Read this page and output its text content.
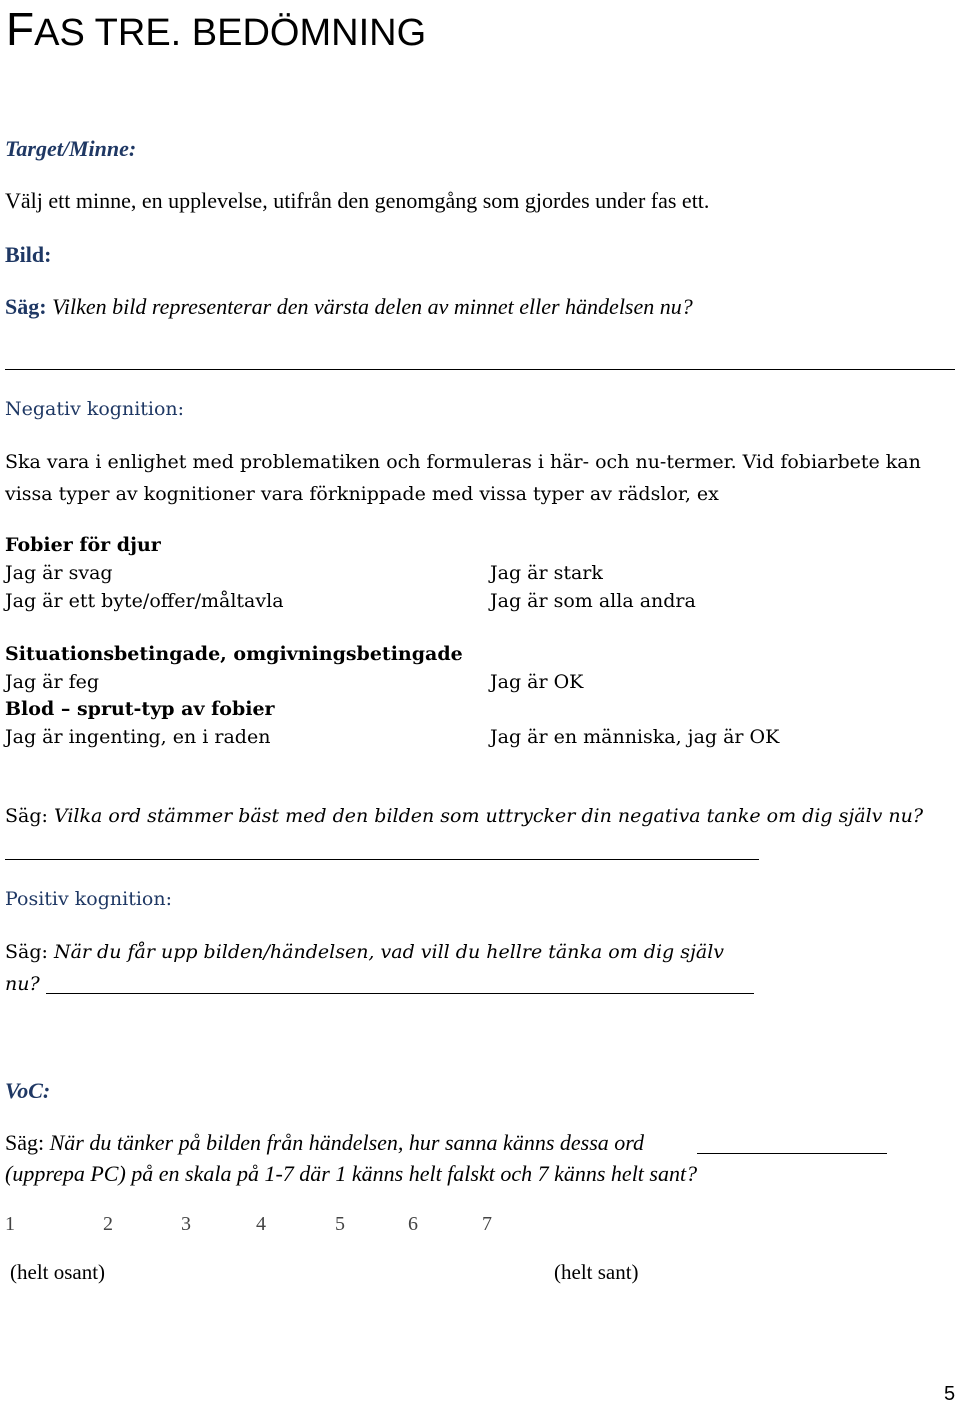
FAS TRE. BEDÖMNING
Target/Minne:
Välj ett minne, en upplevelse, utifrån den genomgång som gjordes under fas ett.
Bild:
Säg: Vilken bild representerar den värsta delen av minnet eller händelsen nu?
Negativ kognition:
Ska vara i enlighet med problematiken och formuleras i här- och nu-termer. Vid fobiarbete kan
vissa typer av kognitioner vara förknippade med vissa typer av rädslor, ex
Fobier för djur
Jag är svag	Jag är stark
Jag är ett byte/offer/måltavla	Jag är som alla andra
Situationsbetingade, omgivningsbetingade
Jag är feg	Jag är OK
Blod – sprut-typ av fobier
Jag är ingenting, en i raden	Jag är en människa, jag är OK
Säg: Vilka ord stämmer bäst med den bilden som uttrycker din negativa tanke om dig själv nu?
Positiv kognition:
Säg: När du får upp bilden/händelsen, vad vill du hellre tänka om dig själv
nu?
VoC:
Säg: När du tänker på bilden från händelsen, hur sanna känns dessa ord
(upprepa PC) på en skala på 1-7 där 1 känns helt falskt och 7 känns helt sant?
1	2	3	4	5	6	7
(helt osant)	(helt sant)
5
